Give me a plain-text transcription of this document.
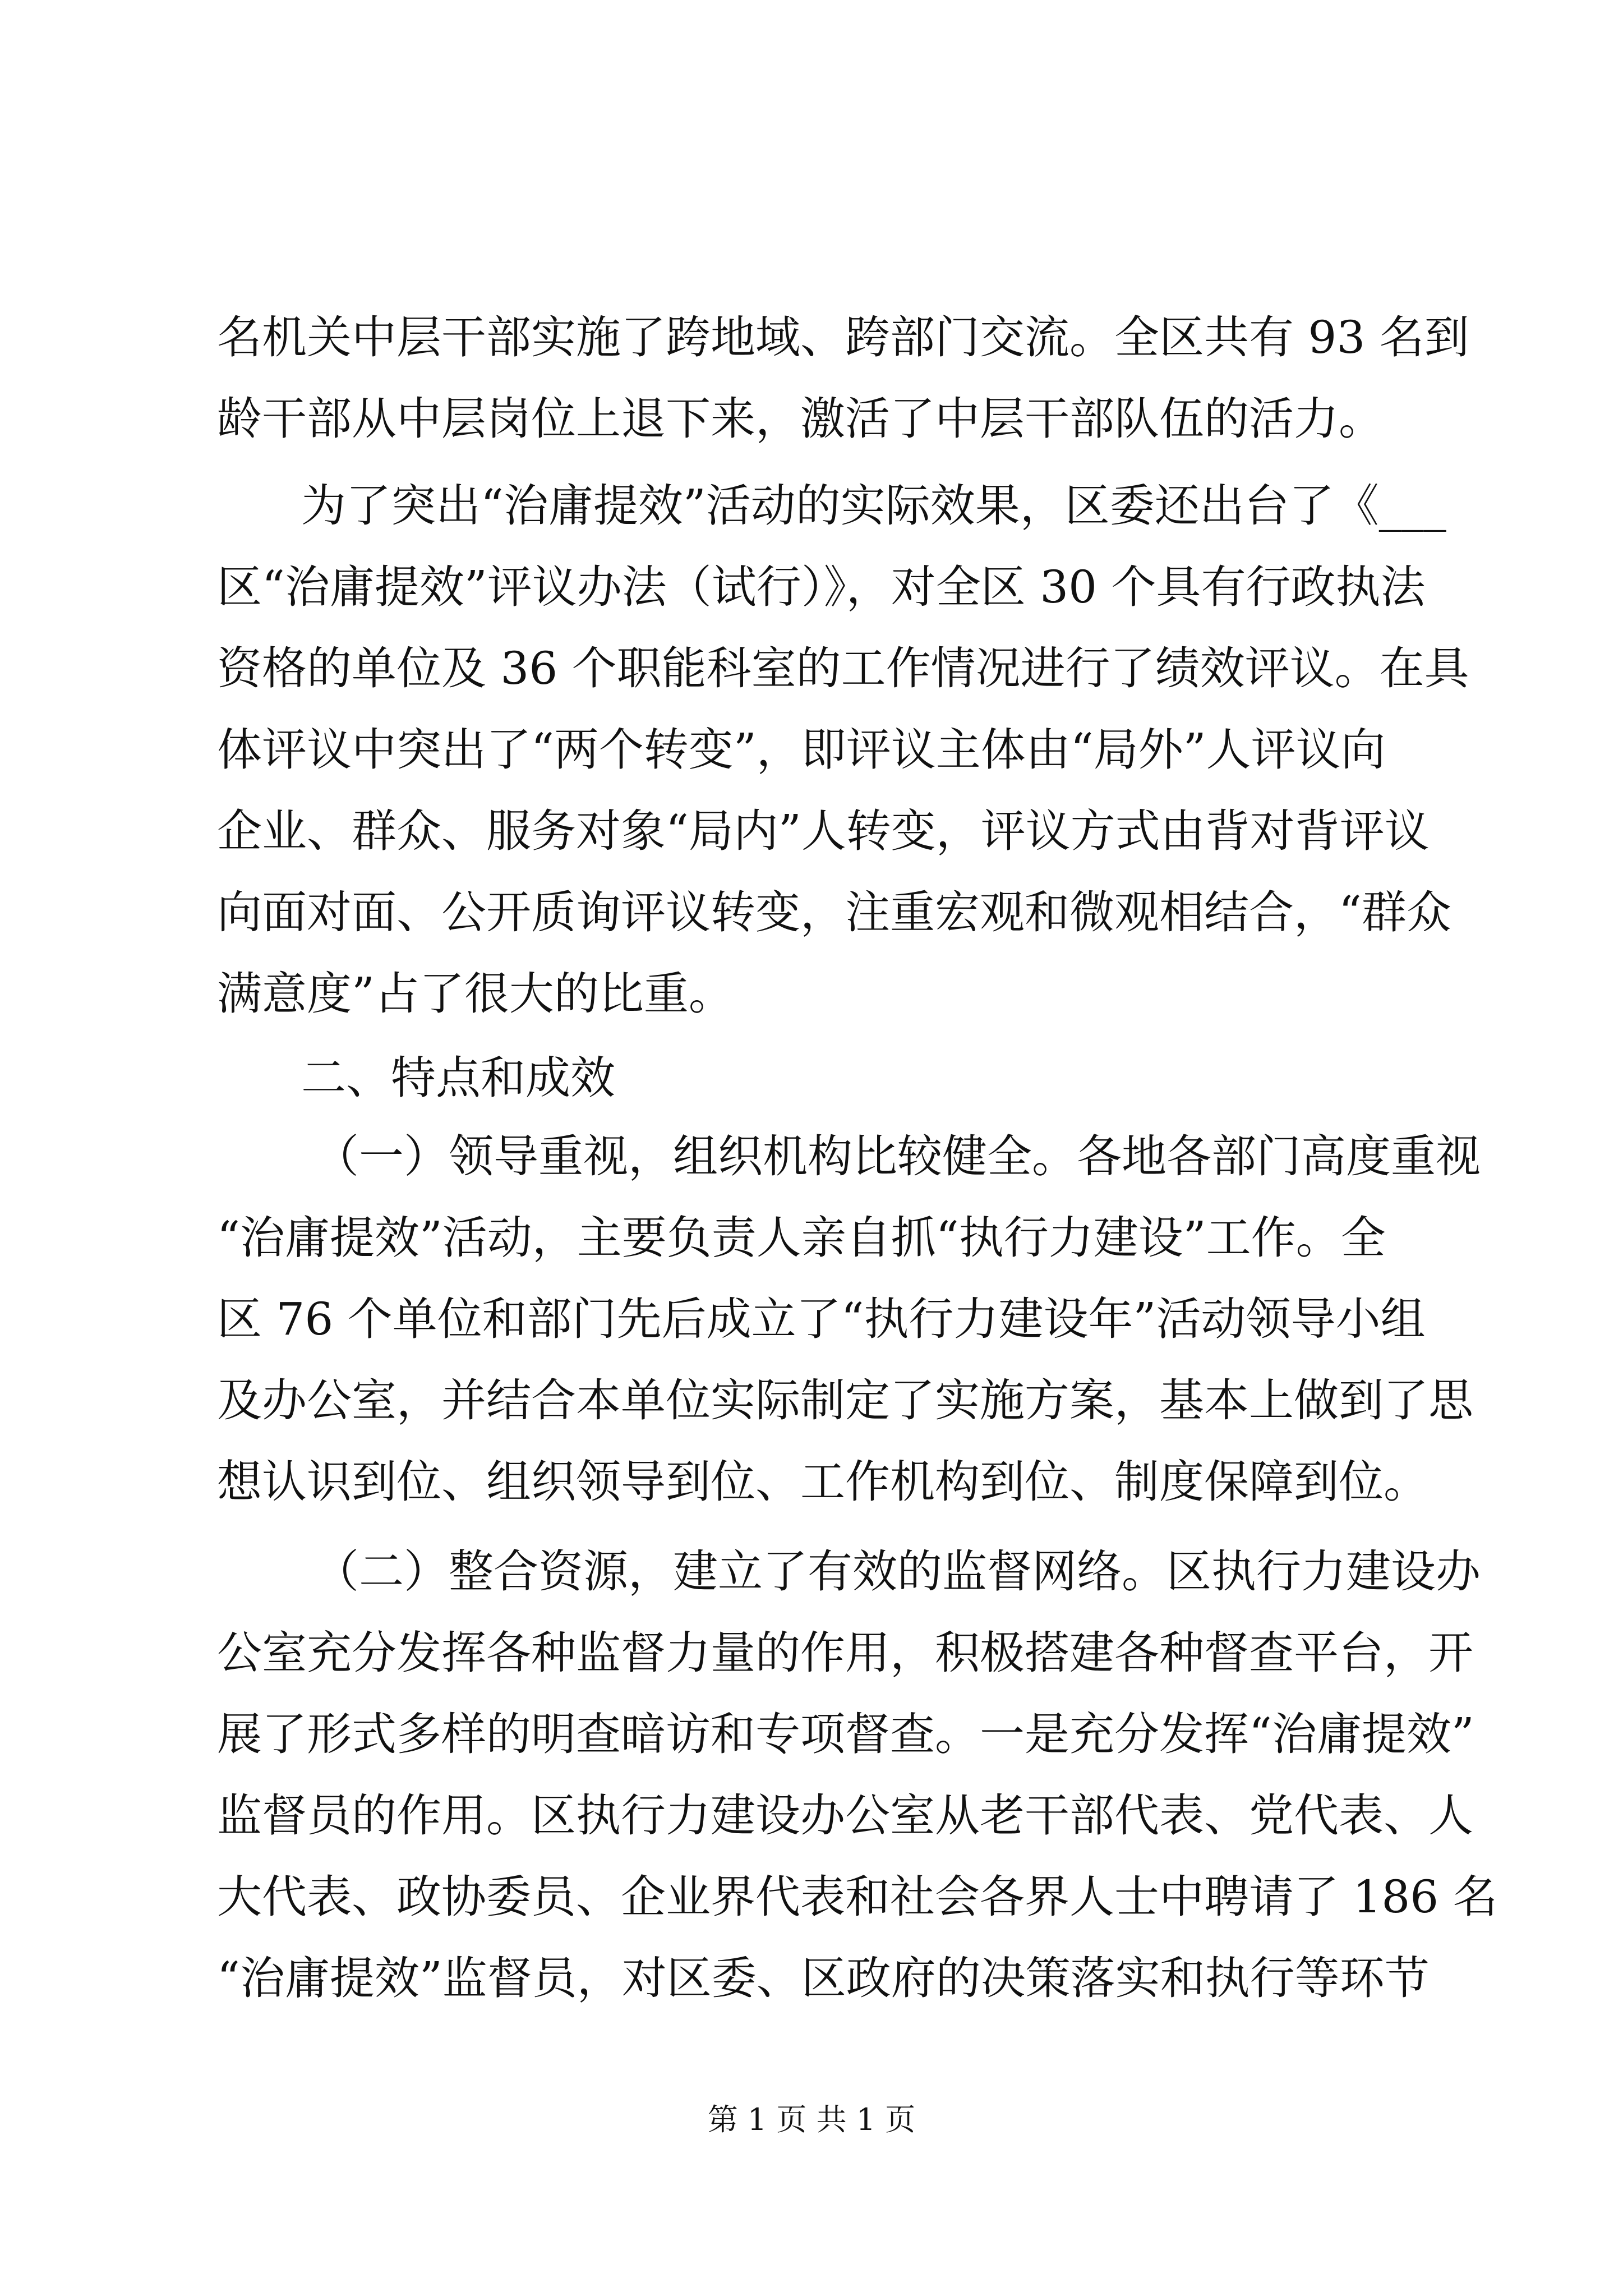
名机关中层干部实施了跨地域、跨部门交流。全区共有 93 名到
龄干部从中层岗位上退下来，激活了中层干部队伍的活力。
为了突出“治庸提效”活动的实际效果，区委还出台了《___
区“治庸提效”评议办法（试行）》，对全区 30 个具有行政执法
资格的单位及 36 个职能科室的工作情况进行了绩效评议。在具
体评议中突出了“两个转变”，即评议主体由“局外”人评议向
企业、群众、服务对象“局内”人转变，评议方式由背对背评议
向面对面、公开质询评议转变，注重宏观和微观相结合，“群众
满意度”占了很大的比重。
二、特点和成效
（一）领导重视，组织机构比较健全。各地各部门高度重视
“治庸提效”活动，主要负责人亲自抓“执行力建设”工作。全
区 76 个单位和部门先后成立了“执行力建设年”活动领导小组
及办公室，并结合本单位实际制定了实施方案，基本上做到了思
想认识到位、组织领导到位、工作机构到位、制度保障到位。
（二）整合资源，建立了有效的监督网络。区执行力建设办
公室充分发挥各种监督力量的作用，积极搭建各种督查平台，开
展了形式多样的明查暗访和专项督查。一是充分发挥“治庸提效”
监督员的作用。区执行力建设办公室从老干部代表、党代表、人
大代表、政协委员、企业界代表和社会各界人士中聘请了 186 名
“治庸提效”监督员，对区委、区政府的决策落实和执行等环节
第 1 页 共 1 页
